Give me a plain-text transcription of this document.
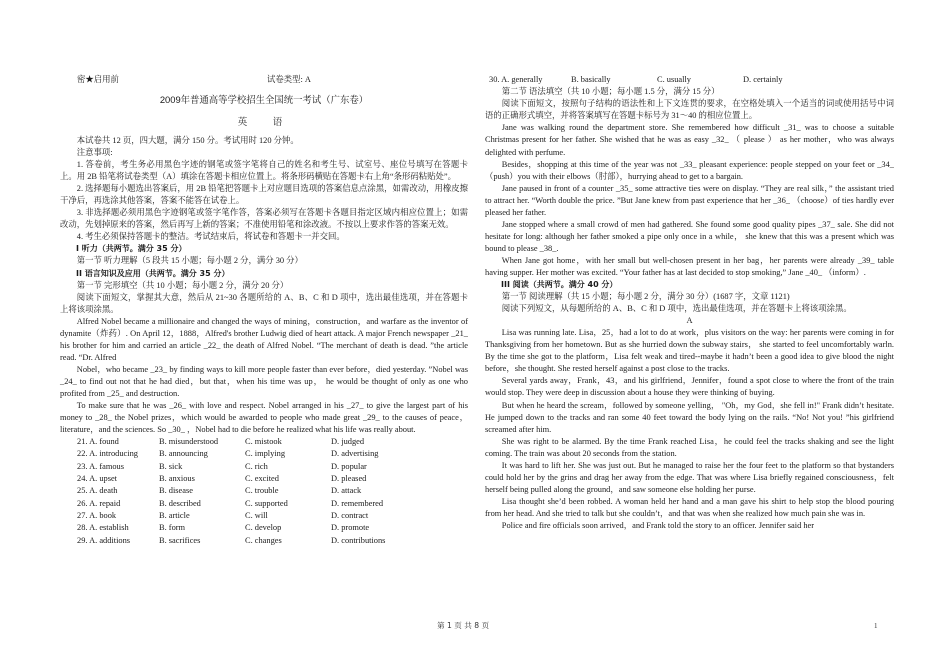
密★启用前	试卷类型: A
2009年普通高等学校招生全国统一考试（广东卷）
英　语

本试卷共 12 页，四大题，满分 150 分。考试用时 120 分钟。

注意事项:

1. 答卷前，考生务必用黑色字迹的钢笔或签字笔将自己的姓名和考生号、试室号、座位号填写在答题卡上。用 2B 铅笔将试卷类型（A）填涂在答题卡相应位置上。将条形码横贴在答题卡右上角“条形码粘贴处”。

2. 选择题每小题选出答案后，用 2B 铅笔把答题卡上对应题目选项的答案信息点涂黑，如需改动，用橡皮擦干净后，再选涂其他答案，答案不能答在试卷上。

3. 非选择题必须用黑色字迹钢笔或签字笔作答，答案必须写在答题卡各题目指定区域内相应位置上；如需改动，先划掉原来的答案，然后再写上新的答案；不准使用铅笔和涂改液。不按以上要求作答的答案无效。

4. 考生必须保持答题卡的整洁。考试结束后，将试卷和答题卡一并交回。

I 听力（共两节。满分 35 分）

第一节 听力理解（5 段共 15 小题；每小题 2 分，满分 30 分）

II 语言知识及应用（共两节。满分 35 分）

第一节 完形填空（共 10 小题；每小题 2 分，满分 20 分）

阅读下面短文，掌握其大意，然后从 21~30 各题所给的 A、B、C 和 D 项中，选出最佳选项，并在答题卡上将该项涂黑。

Alfred Nobel became a millionaire and changed the ways of mining，construction，and warfare as the inventor of dynamite（炸药）. On April 12，1888，Alfred's brother Ludwig died of heart attack. A major French newspaper _21_ his brother for him and carried an article _22_ the death of Alfred Nobel. “The merchant of death is dead. ”the article read. “Dr. Alfred

Nobel，who became _23_ by finding ways to kill more people faster than ever before，died yesterday. ”Nobel was _24_ to find out not that he had died，but that，when his time was up， he would be thought of only as one who profited from _25_ and destruction.

To make sure that he was _26_ with love and respect. Nobel arranged in his _27_ to give the largest part of his money to _28_ the Nobel prizes，which would be awarded to people who made great _29_ to the causes of peace，literature，and the sciences. So _30_ ，Nobel had to die before he realized what his life was really about.

21. A. found	B. misunderstood	C. mistook	D. judged
22. A. introducing	B. announcing	C. implying	D. advertising
23. A. famous	B. sick	C. rich	D. popular
24. A. upset	B. anxious	C. excited	D. pleased
25. A. death	B. disease	C. trouble	D. attack
26. A. repaid	B. described	C. supported	D. remembered
27. A. book	B. article	C. will	D. contract
28. A. establish	B. form	C. develop	D. promote
29. A. additions	B. sacrifices	C. changes	D. contributions
30. A. generally	B. basically	C. usually	D. certainly

第二节 语法填空（共 10 小题；每小题 1.5 分，满分 15 分）

阅读下面短文，按照句子结构的语法性和上下文连贯的要求，在空格处填入一个适当的词或使用括号中词语的正确形式填空，并将答案填写在答题卡标号为 31～40 的相应位置上。

Jane was walking round the department store. She remembered how difficult _31_ was to choose a suitable Christmas present for her father. She wished that he was as easy _32_ （ please ） as her mother，who was always delighted with perfume.

Besides，shopping at this time of the year was not _33_ pleasant experience: people stepped on your feet or _34_ （push）you with their elbows（肘部），hurrying ahead to get to a bargain.

Jane paused in front of a counter _35_ some attractive ties were on display. “They are real silk，” the assistant tried to attract her. “Worth double the price. ”But Jane knew from past experience that her _36_ （choose）of ties hardly ever pleased her father.

Jane stopped where a small crowd of men had gathered. She found some good quality pipes _37_ sale. She did not hesitate for long: although her father smoked a pipe only once in a while， she knew that this was a present which was bound to please _38_.

When Jane got home，with her small but well-chosen present in her bag，her parents were already _39_ table having supper. Her mother was excited. “Your father has at last decided to stop smoking,” Jane _40_ （inform）.

III 阅读（共两节。满分 40 分）

第一节 阅读理解（共 15 小题；每小题 2 分，满分 30 分）(1687 字，文章 1121)

阅读下列短文，从每题所给的 A、B、C 和 D 项中，选出最佳选项，并在答题卡上将该项涂黑。

A

Lisa was running late. Lisa，25，had a lot to do at work，plus visitors on the way: her parents were coming in for Thanksgiving from her hometown. But as she hurried down the subway stairs， she started to feel uncomfortably warln. By the time she got to the platform，Lisa felt weak and tired--maybe it hadn’t been a good idea to give blood the night before，she thought. She rested herself against a post close to the tracks.

Several yards away，Frank，43，and his girlfriend，Jennifer，found a spot close to where the front of the train would stop. They were deep in discussion about a house they were thinking of buying.

But when he heard the scream，followed by someone yelling， "Oh，my God，she fell in!" Frank didn’t hesitate. He jumped down to the tracks and ran some 40 feet toward the body lying on the rails. “No! Not you! ”his girlfriend screamed after him.

She was right to be alarmed. By the time Frank reached Lisa，he could feel the tracks shaking and see the light coming. The train was about 20 seconds from the station.

It was hard to lift her. She was just out. But he managed to raise her the four feet to the platform so that bystanders could hold her by the grins and drag her away from the edge. That was where Lisa briefly regained consciousness，felt herself being pulled along the ground，and saw someone else holding her purse.

Lisa thought she’d been robbed. A woman held her hand and a man gave his shirt to help stop the blood pouring from her head. And she tried to talk but she couldn’t，and that was when she realized how much pain she was in.

Police and fire officials soon arrived，and Frank told the story to an officer. Jennifer said her

第 1 页 共 8 页	1
